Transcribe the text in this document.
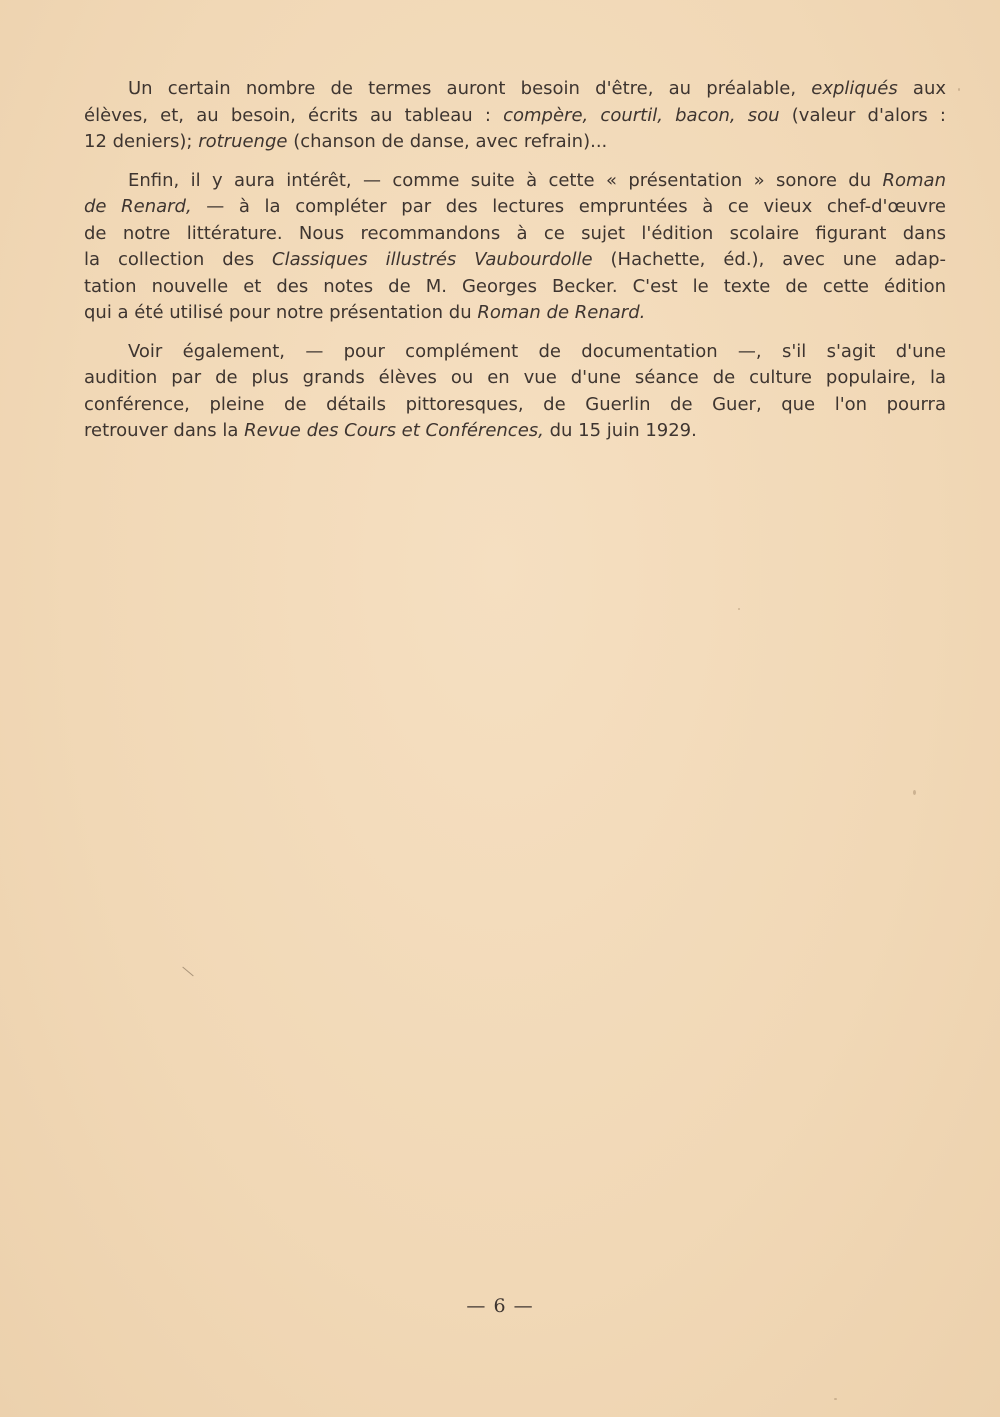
Un certain nombre de termes auront besoin d'être, au préalable, expliqués aux
élèves, et, au besoin, écrits au tableau : compère, courtil, bacon, sou (valeur d'alors :
12 deniers); rotruenge (chanson de danse, avec refrain)...
Enfin, il y aura intérêt, — comme suite à cette « présentation » sonore du Roman
de Renard, — à la compléter par des lectures empruntées à ce vieux chef-d'œuvre
de notre littérature. Nous recommandons à ce sujet l'édition scolaire figurant dans
la collection des Classiques illustrés Vaubourdolle (Hachette, éd.), avec une adap-
tation nouvelle et des notes de M. Georges Becker. C'est le texte de cette édition
qui a été utilisé pour notre présentation du Roman de Renard.
Voir également, — pour complément de documentation —, s'il s'agit d'une
audition par de plus grands élèves ou en vue d'une séance de culture populaire, la
conférence, pleine de détails pittoresques, de Guerlin de Guer, que l'on pourra
retrouver dans la Revue des Cours et Conférences, du 15 juin 1929.
— 6 —
